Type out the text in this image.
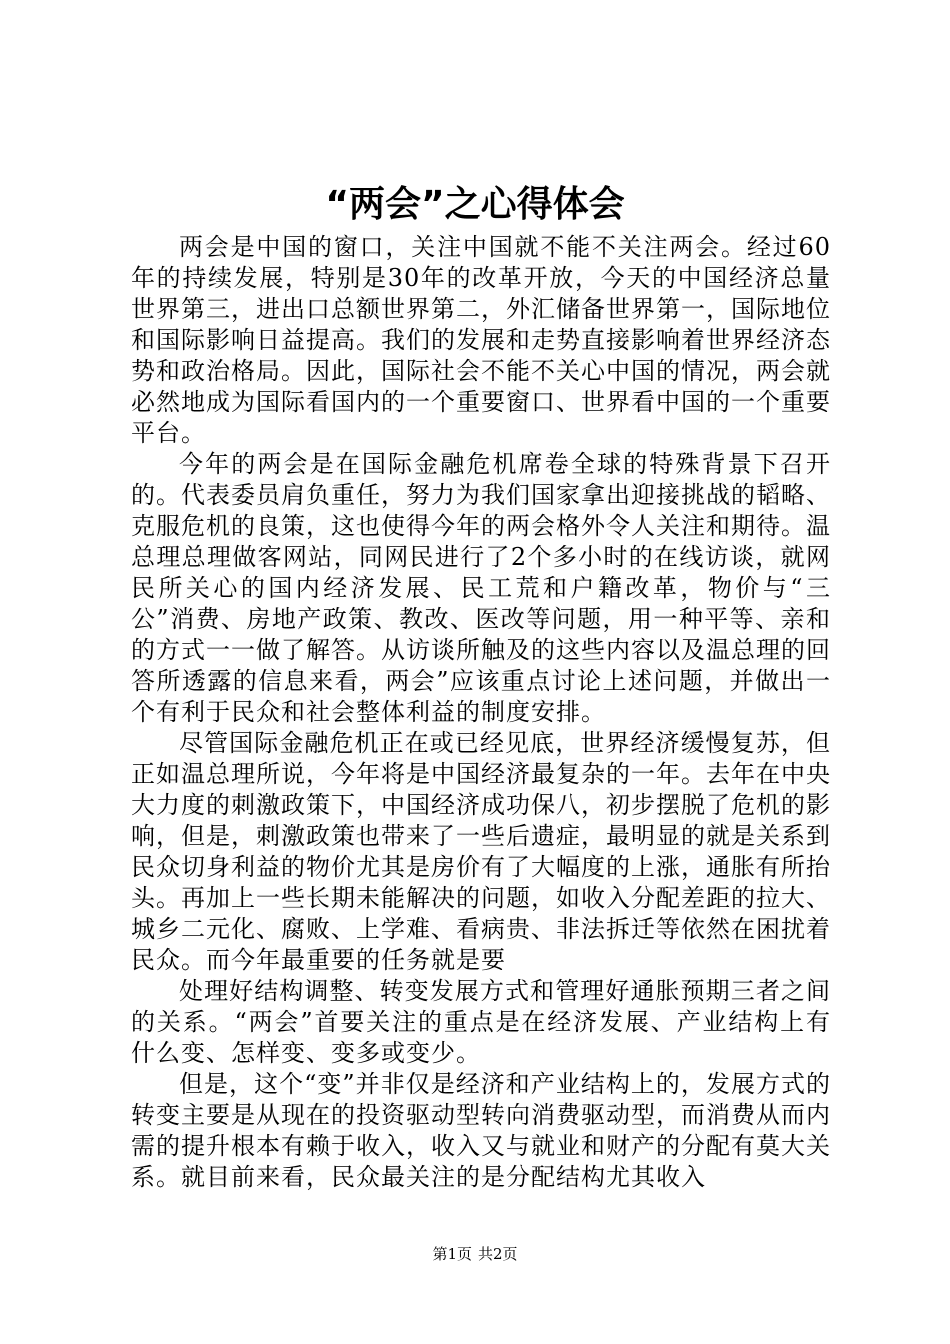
“两会”之心得体会

两会是中国的窗口，关注中国就不能不关注两会。经过60年的持续发展，特别是30年的改革开放，今天的中国经济总量世界第三，进出口总额世界第二，外汇储备世界第一，国际地位和国际影响日益提高。我们的发展和走势直接影响着世界经济态势和政治格局。因此，国际社会不能不关心中国的情况，两会就必然地成为国际看国内的一个重要窗口、世界看中国的一个重要平台。

今年的两会是在国际金融危机席卷全球的特殊背景下召开的。代表委员肩负重任，努力为我们国家拿出迎接挑战的韬略、克服危机的良策，这也使得今年的两会格外令人关注和期待。温总理总理做客网站，同网民进行了2个多小时的在线访谈，就网民所关心的国内经济发展、民工荒和户籍改革，物价与“三公”消费、房地产政策、教改、医改等问题，用一种平等、亲和的方式一一做了解答。从访谈所触及的这些内容以及温总理的回答所透露的信息来看，两会”应该重点讨论上述问题，并做出一个有利于民众和社会整体利益的制度安排。

尽管国际金融危机正在或已经见底，世界经济缓慢复苏，但正如温总理所说，今年将是中国经济最复杂的一年。去年在中央大力度的刺激政策下，中国经济成功保八，初步摆脱了危机的影响，但是，刺激政策也带来了一些后遗症，最明显的就是关系到民众切身利益的物价尤其是房价有了大幅度的上涨，通胀有所抬头。再加上一些长期未能解决的问题，如收入分配差距的拉大、城乡二元化、腐败、上学难、看病贵、非法拆迁等依然在困扰着民众。而今年最重要的任务就是要

处理好结构调整、转变发展方式和管理好通胀预期三者之间的关系。“两会”首要关注的重点是在经济发展、产业结构上有什么变、怎样变、变多或变少。

但是，这个“变”并非仅是经济和产业结构上的，发展方式的转变主要是从现在的投资驱动型转向消费驱动型，而消费从而内需的提升根本有赖于收入，收入又与就业和财产的分配有莫大关系。就目前来看，民众最关注的是分配结构尤其收入

第1页 共2页
